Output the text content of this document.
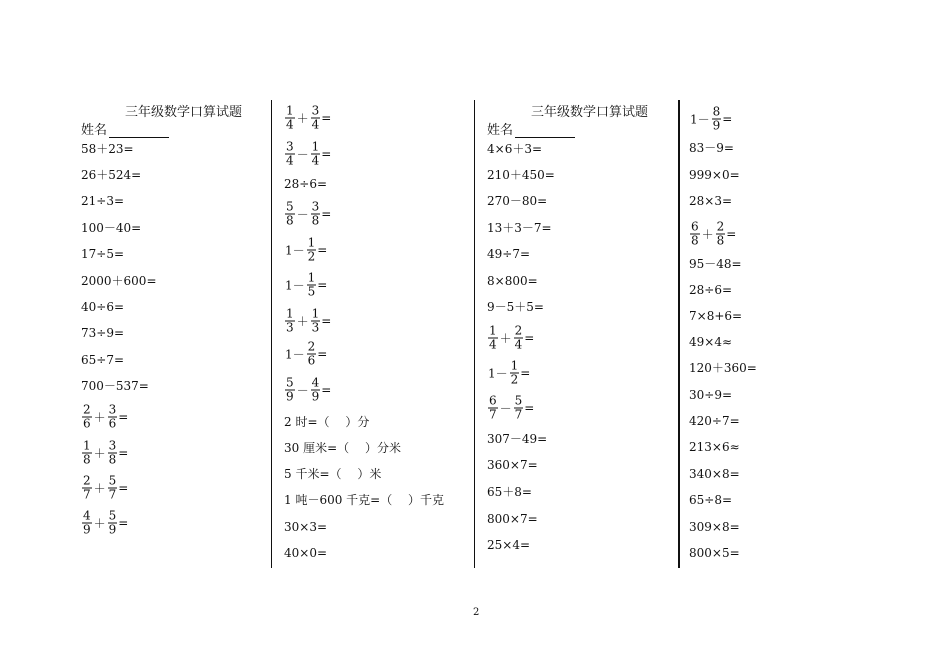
三年级数学口算试题
姓名
58＋23=
26＋524=
21÷3=
100－40=
17÷5=
2000＋600=
40÷6=
73÷9=
65÷7=
700－537=
$\frac{2}{6} + \frac{3}{6}$ =
$\frac{1}{8} + \frac{3}{8}$ =
$\frac{2}{7} + \frac{5}{7}$ =
$\frac{4}{9} + \frac{5}{9}$ =
$\frac{1}{4} + \frac{3}{4}$ =
$\frac{3}{4} - \frac{1}{4}$ =
28÷6=
$\frac{5}{8} - \frac{3}{8}$ =
$1- \frac{1}{2}$ =
$1- \frac{1}{5}$ =
$\frac{1}{3} + \frac{1}{3}$ =
$1- \frac{2}{6}$ =
$\frac{5}{9} - \frac{4}{9}$ =
2 时=（　 ）分
30 厘米=（　 ）分米
5 千米=（　 ）米
1 吨－600 千克=（　 ）千克
30×3=
40×0=
三年级数学口算试题
姓名
4×6＋3=
210＋450=
270－80=
13＋3－7=
49÷7=
8×800=
9－5＋5=
$\frac{1}{4} + \frac{2}{4}$ =
$1- \frac{1}{2}$ =
$\frac{6}{7} - \frac{5}{7}$ =
307－49=
360×7=
65＋8=
800×7=
25×4=
$1- \frac{8}{9}$ =
83－9=
999×0=
28×3=
$\frac{6}{8} + \frac{2}{8}$ =
95－48=
28÷6=
7×8+6=
49×4≈
120＋360=
30÷9=
420÷7=
213×6≈
340×8=
65÷8=
309×8=
800×5=
2
